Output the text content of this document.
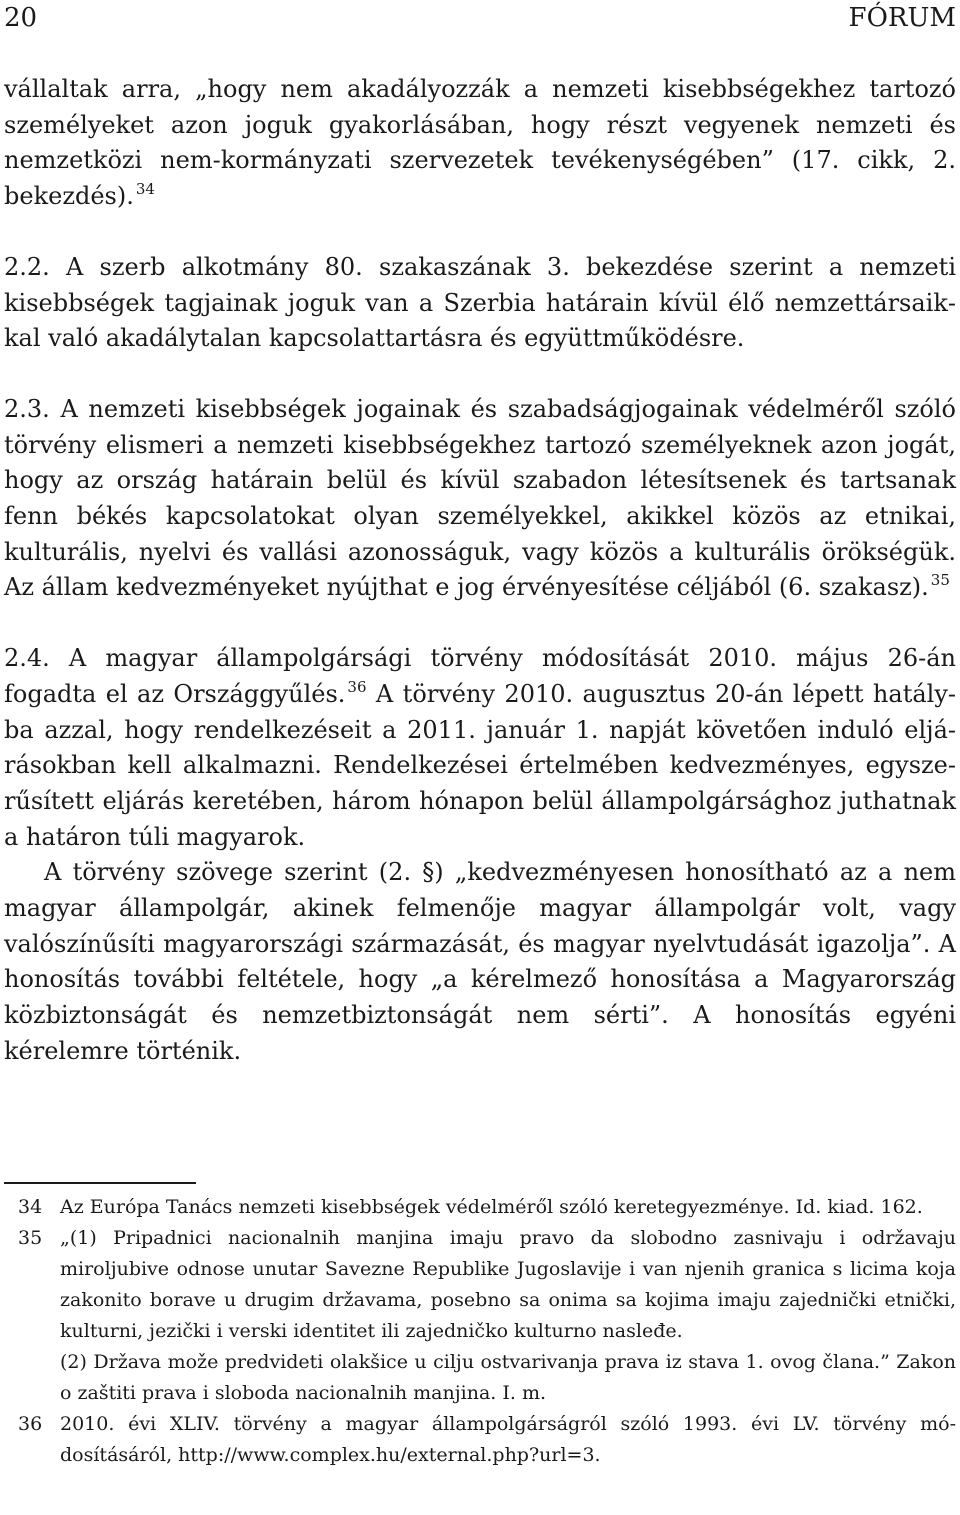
20	FÓRUM

vállaltak arra, „hogy nem akadályozzák a nemzeti kisebbségekhez tartozó személyeket azon joguk gyakorlásában, hogy részt vegyenek nemzeti és nemzetközi nem-kormányzati szervezetek tevékenységében” (17. cikk, 2. bekezdés). $^{34}$

2.2. A szerb alkotmány 80. szakaszának 3. bekezdése szerint a nemzeti kisebbségek tagjainak joguk van a Szerbia határain kívül élő nemzettársaikkal való akadálytalan kapcsolattartásra és együttműködésre.

2.3. A nemzeti kisebbségek jogainak és szabadságjogainak védelméről szóló törvény elismeri a nemzeti kisebbségekhez tartozó személyeknek azon jogát, hogy az ország határain belül és kívül szabadon létesítsenek és tartsanak fenn békés kapcsolatokat olyan személyekkel, akikkel közös az etnikai, kulturális, nyelvi és vallási azonosságuk, vagy közös a kulturális örökségük. Az állam kedvezményeket nyújthat e jog érvényesítése céljából (6. szakasz). $^{35}$

2.4. A magyar állampolgársági törvény módosítását 2010. május 26-án fogadta el az Országgyűlés. $^{36}$ A törvény 2010. augusztus 20-án lépett hatályba azzal, hogy rendelkezéseit a 2011. január 1. napját követően induló eljárásokban kell alkalmazni. Rendelkezései értelmében kedvezményes, egyszerűsített eljárás keretében, három hónapon belül állampolgársághoz juthatnak a határon túli magyarok.

A törvény szövege szerint (2. §) „kedvezményesen honosítható az a nem magyar állampolgár, akinek felmenője magyar állampolgár volt, vagy valószínűsíti magyarországi származását, és magyar nyelvtudását igazolja”. A honosítás további feltétele, hogy „a kérelmező honosítása a Magyarország közbiztonságát és nemzetbiztonságát nem sérti”. A honosítás egyéni kérelemre történik.

34 Az Európa Tanács nemzeti kisebbségek védelméről szóló keretegyezménye. Id. kiad. 162.

35 „(1) Pripadnici nacionalnih manjina imaju pravo da slobodno zasnivaju i održavaju miroljubive odnose unutar Savezne Republike Jugoslavije i van njenih granica s licima koja zakonito borave u drugim državama, posebno sa onima sa kojima imaju zajednički etnički, kulturni, jezički i verski identitet ili zajedničko kulturno nasleđe.

(2) Država može predvideti olakšice u cilju ostvarivanja prava iz stava 1. ovog člana.” Zakon o zaštiti prava i sloboda nacionalnih manjina. I. m.

36 2010. évi XLIV. törvény a magyar állampolgárságról szóló 1993. évi LV. törvény módosításáról, http://www.complex.hu/external.php?url=3.
